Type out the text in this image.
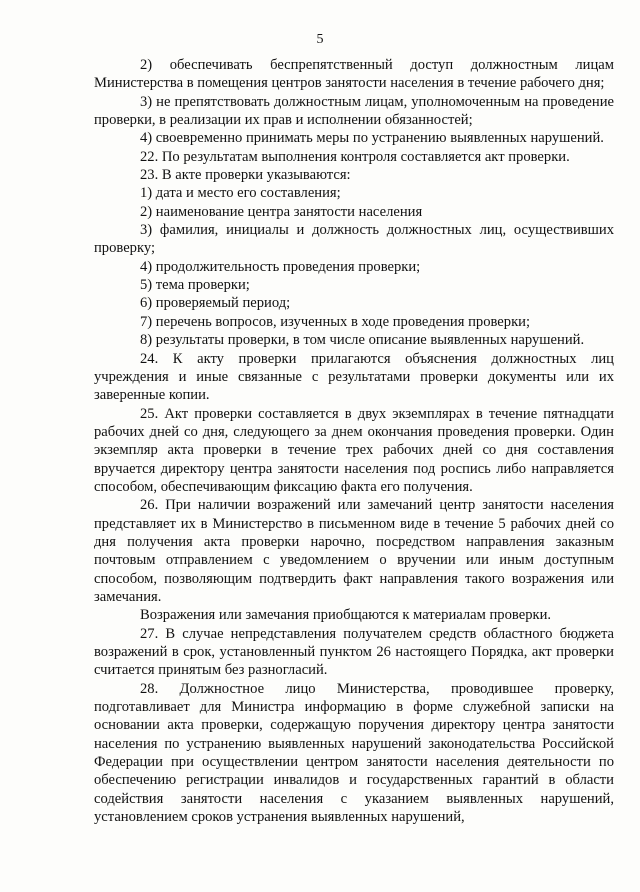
5

2) обеспечивать беспрепятственный доступ должностным лицам Министерства в помещения центров занятости населения в течение рабочего дня;

3) не препятствовать должностным лицам, уполномоченным на проведение проверки, в реализации их прав и исполнении обязанностей;

4) своевременно принимать меры по устранению выявленных нарушений.

22. По результатам выполнения контроля составляется акт проверки.

23. В акте проверки указываются:

1) дата и место его составления;

2) наименование центра занятости населения

3) фамилия, инициалы и должность должностных лиц, осуществивших проверку;

4) продолжительность проведения проверки;

5) тема проверки;

6) проверяемый период;

7) перечень вопросов, изученных в ходе проведения проверки;

8) результаты проверки, в том числе описание выявленных нарушений.

24. К акту проверки прилагаются объяснения должностных лиц учреждения и иные связанные с результатами проверки документы или их заверенные копии.

25. Акт проверки составляется в двух экземплярах в течение пятнадцати рабочих дней со дня, следующего за днем окончания проведения проверки. Один экземпляр акта проверки в течение трех рабочих дней со дня составления вручается директору центра занятости населения под роспись либо направляется способом, обеспечивающим фиксацию факта его получения.

26. При наличии возражений или замечаний центр занятости населения представляет их в Министерство в письменном виде в течение 5 рабочих дней со дня получения акта проверки нарочно, посредством направления заказным почтовым отправлением с уведомлением о вручении или иным доступным способом, позволяющим подтвердить факт направления такого возражения или замечания.

Возражения или замечания приобщаются к материалам проверки.

27. В случае непредставления получателем средств областного бюджета возражений в срок, установленный пунктом 26 настоящего Порядка, акт проверки считается принятым без разногласий.

28. Должностное лицо Министерства, проводившее проверку, подготавливает для Министра информацию в форме служебной записки на основании акта проверки, содержащую поручения директору центра занятости населения по устранению выявленных нарушений законодательства Российской Федерации при осуществлении центром занятости населения деятельности по обеспечению регистрации инвалидов и государственных гарантий в области содействия занятости населения с указанием выявленных нарушений, установлением сроков устранения выявленных нарушений,
